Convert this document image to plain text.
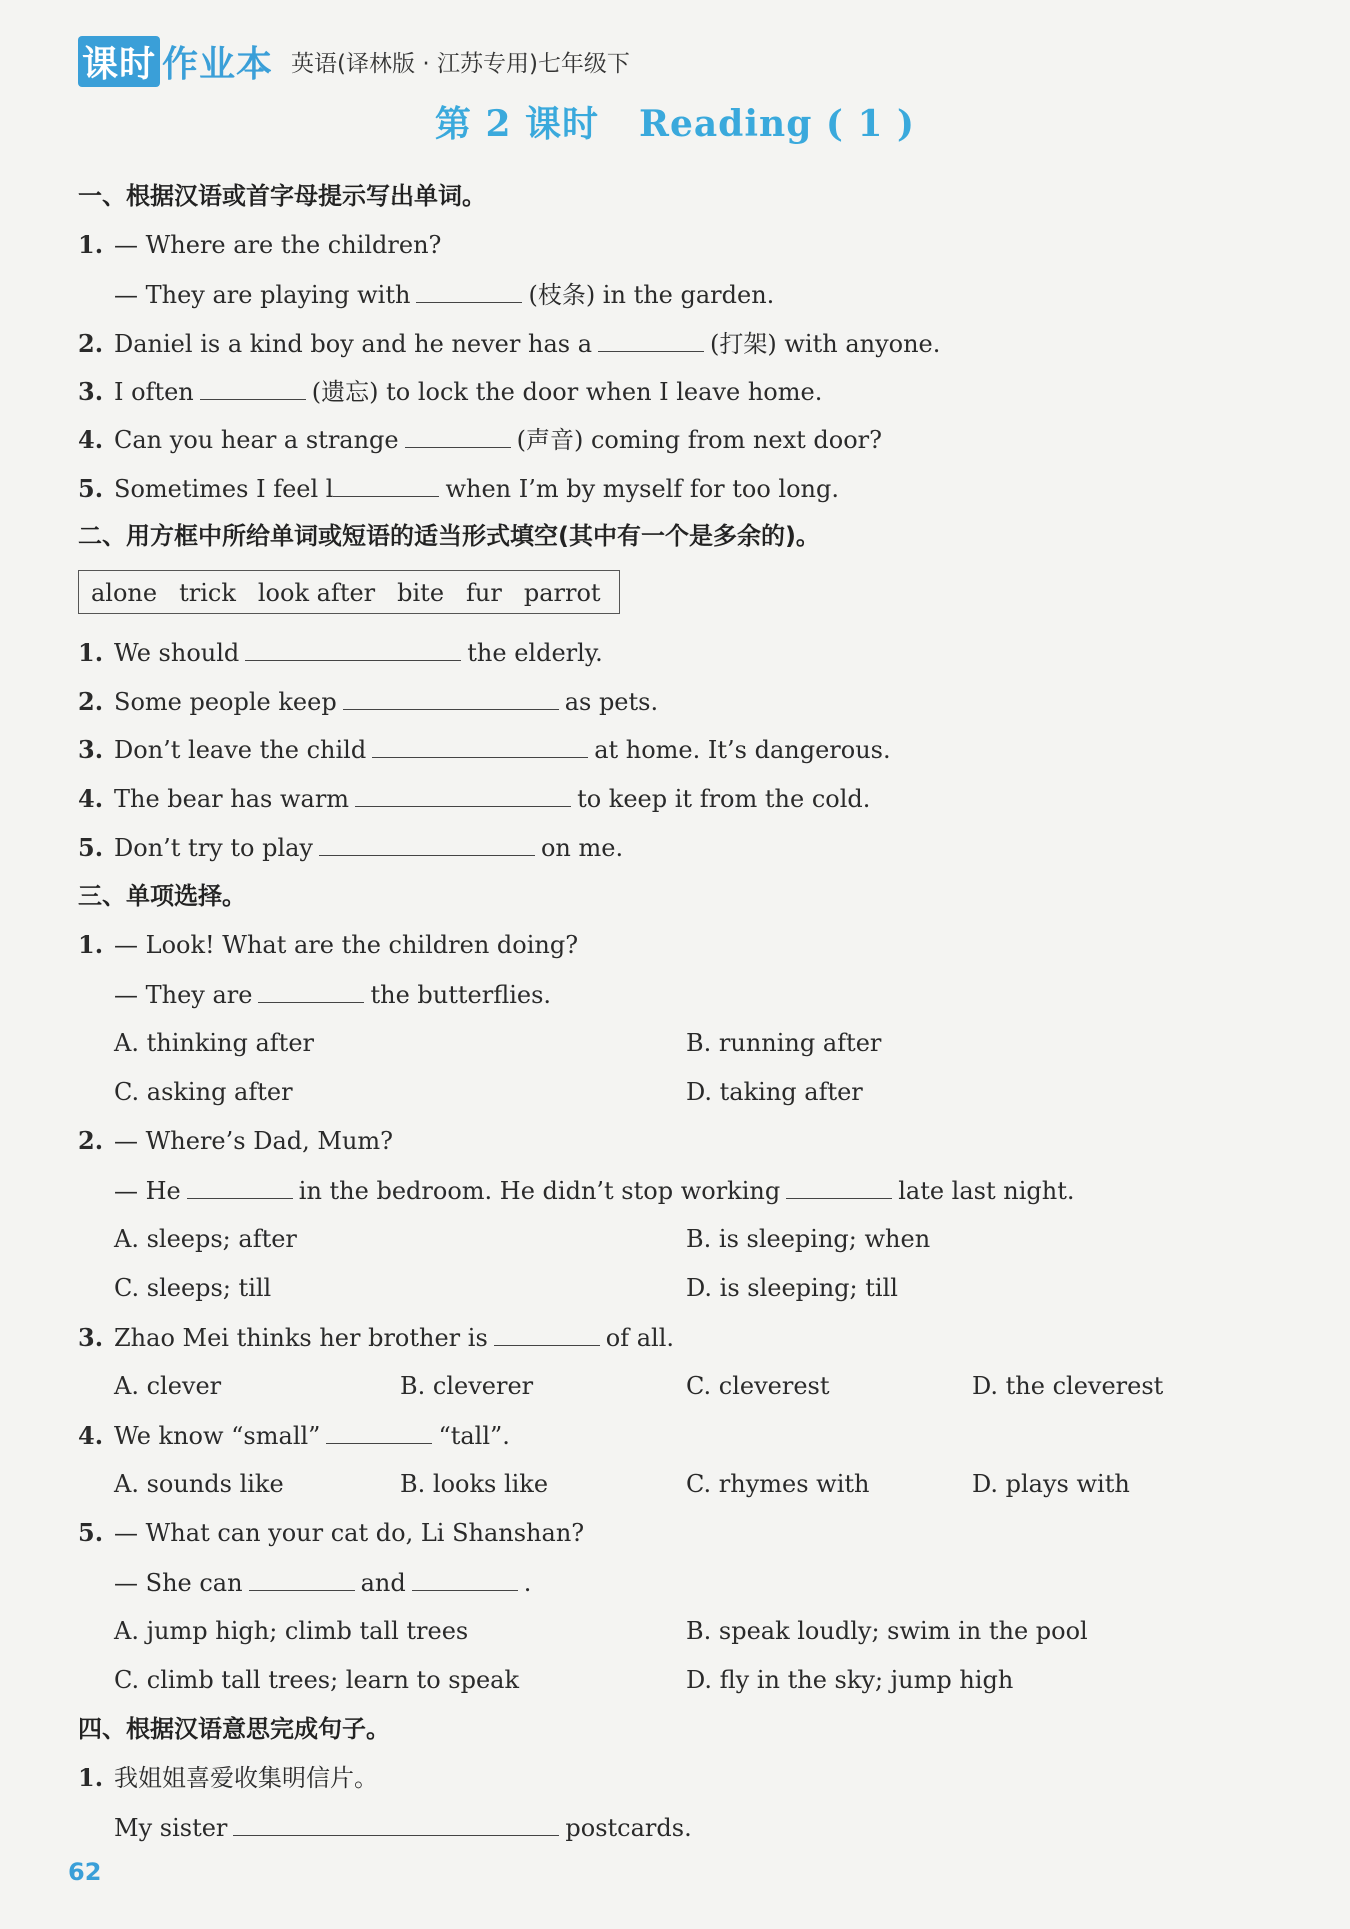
课时 作业本 英语(译林版 · 江苏专用)七年级下
第 2 课时 Reading ( 1 )
一、根据汉语或首字母提示写出单词。
1. — Where are the children?
— They are playing with	(枝条) in the garden.
2. Daniel is a kind boy and he never has a	(打架) with anyone.
3. I often	(遗忘) to lock the door when I leave home.
4. Can you hear a strange	(声音) coming from next door?
5. Sometimes I feel l	when I’m by myself for too long.
二、用方框中所给单词或短语的适当形式填空(其中有一个是多余的)。
alone trick look after bite fur parrot
1. We should	the elderly.
2. Some people keep	as pets.
3. Don’t leave the child	at home. It’s dangerous.
4. The bear has warm	to keep it from the cold.
5. Don’t try to play	on me.
三、单项选择。
1. — Look! What are the children doing?
— They are	the butterflies.
A. thinking after	B. running after
C. asking after	D. taking after
2. — Where’s Dad, Mum?
— He	in the bedroom. He didn’t stop working	late last night.
A. sleeps; after	B. is sleeping; when
C. sleeps; till	D. is sleeping; till
3. Zhao Mei thinks her brother is	of all.
A. clever	B. cleverer	C. cleverest	D. the cleverest
4. We know “small”	“tall”.
A. sounds like	B. looks like	C. rhymes with	D. plays with
5. — What can your cat do, Li Shanshan?
— She can	and	.
A. jump high; climb tall trees	B. speak loudly; swim in the pool
C. climb tall trees; learn to speak	D. fly in the sky; jump high
四、根据汉语意思完成句子。
1. 我姐姐喜爱收集明信片。
My sister	postcards.
62
